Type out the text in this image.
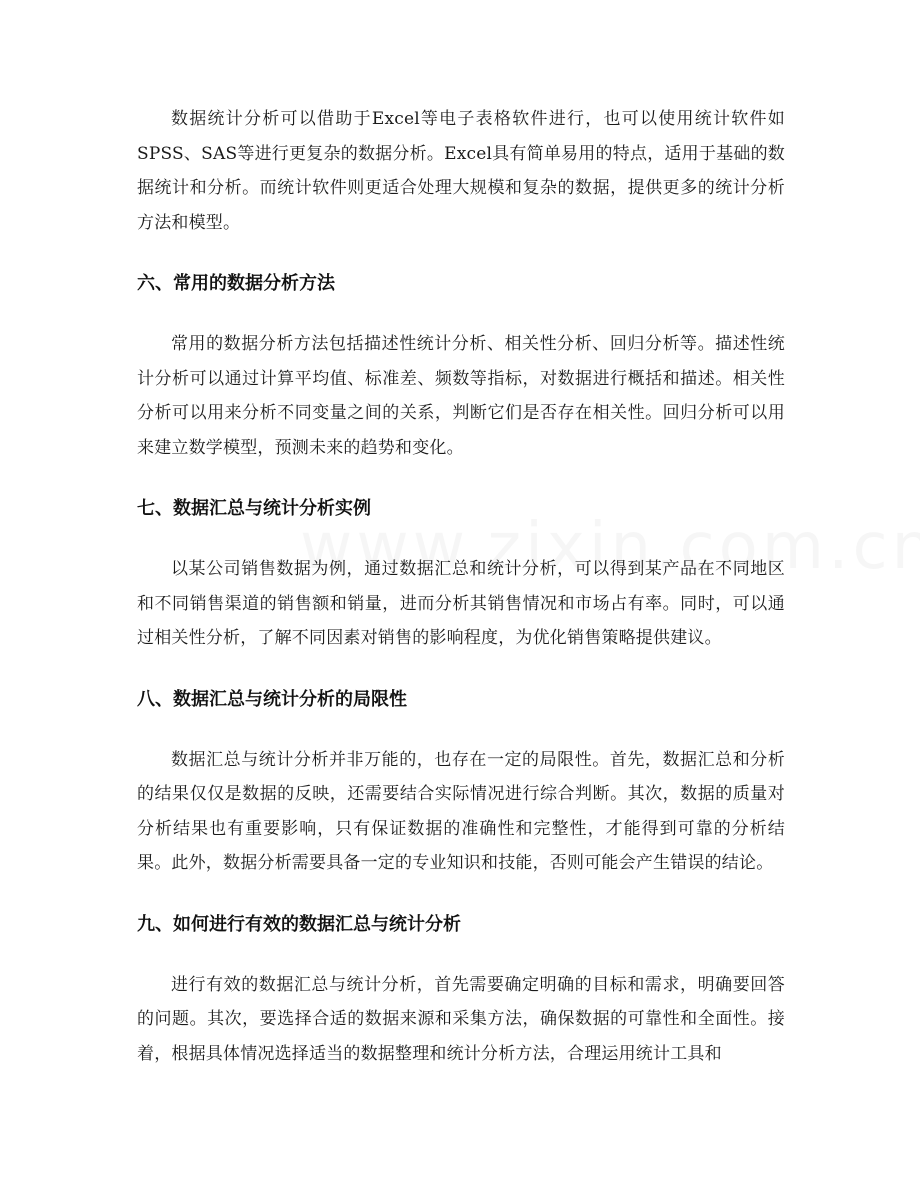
数据统计分析可以借助于Excel等电子表格软件进行，也可以使用统计软件如SPSS、SAS等进行更复杂的数据分析。Excel具有简单易用的特点，适用于基础的数据统计和分析。而统计软件则更适合处理大规模和复杂的数据，提供更多的统计分析方法和模型。

六、常用的数据分析方法

常用的数据分析方法包括描述性统计分析、相关性分析、回归分析等。描述性统计分析可以通过计算平均值、标准差、频数等指标，对数据进行概括和描述。相关性分析可以用来分析不同变量之间的关系，判断它们是否存在相关性。回归分析可以用来建立数学模型，预测未来的趋势和变化。

七、数据汇总与统计分析实例

以某公司销售数据为例，通过数据汇总和统计分析，可以得到某产品在不同地区和不同销售渠道的销售额和销量，进而分析其销售情况和市场占有率。同时，可以通过相关性分析，了解不同因素对销售的影响程度，为优化销售策略提供建议。

八、数据汇总与统计分析的局限性

数据汇总与统计分析并非万能的，也存在一定的局限性。首先，数据汇总和分析的结果仅仅是数据的反映，还需要结合实际情况进行综合判断。其次，数据的质量对分析结果也有重要影响，只有保证数据的准确性和完整性，才能得到可靠的分析结果。此外，数据分析需要具备一定的专业知识和技能，否则可能会产生错误的结论。

九、如何进行有效的数据汇总与统计分析

进行有效的数据汇总与统计分析，首先需要确定明确的目标和需求，明确要回答的问题。其次，要选择合适的数据来源和采集方法，确保数据的可靠性和全面性。接着，根据具体情况选择适当的数据整理和统计分析方法，合理运用统计工具和
